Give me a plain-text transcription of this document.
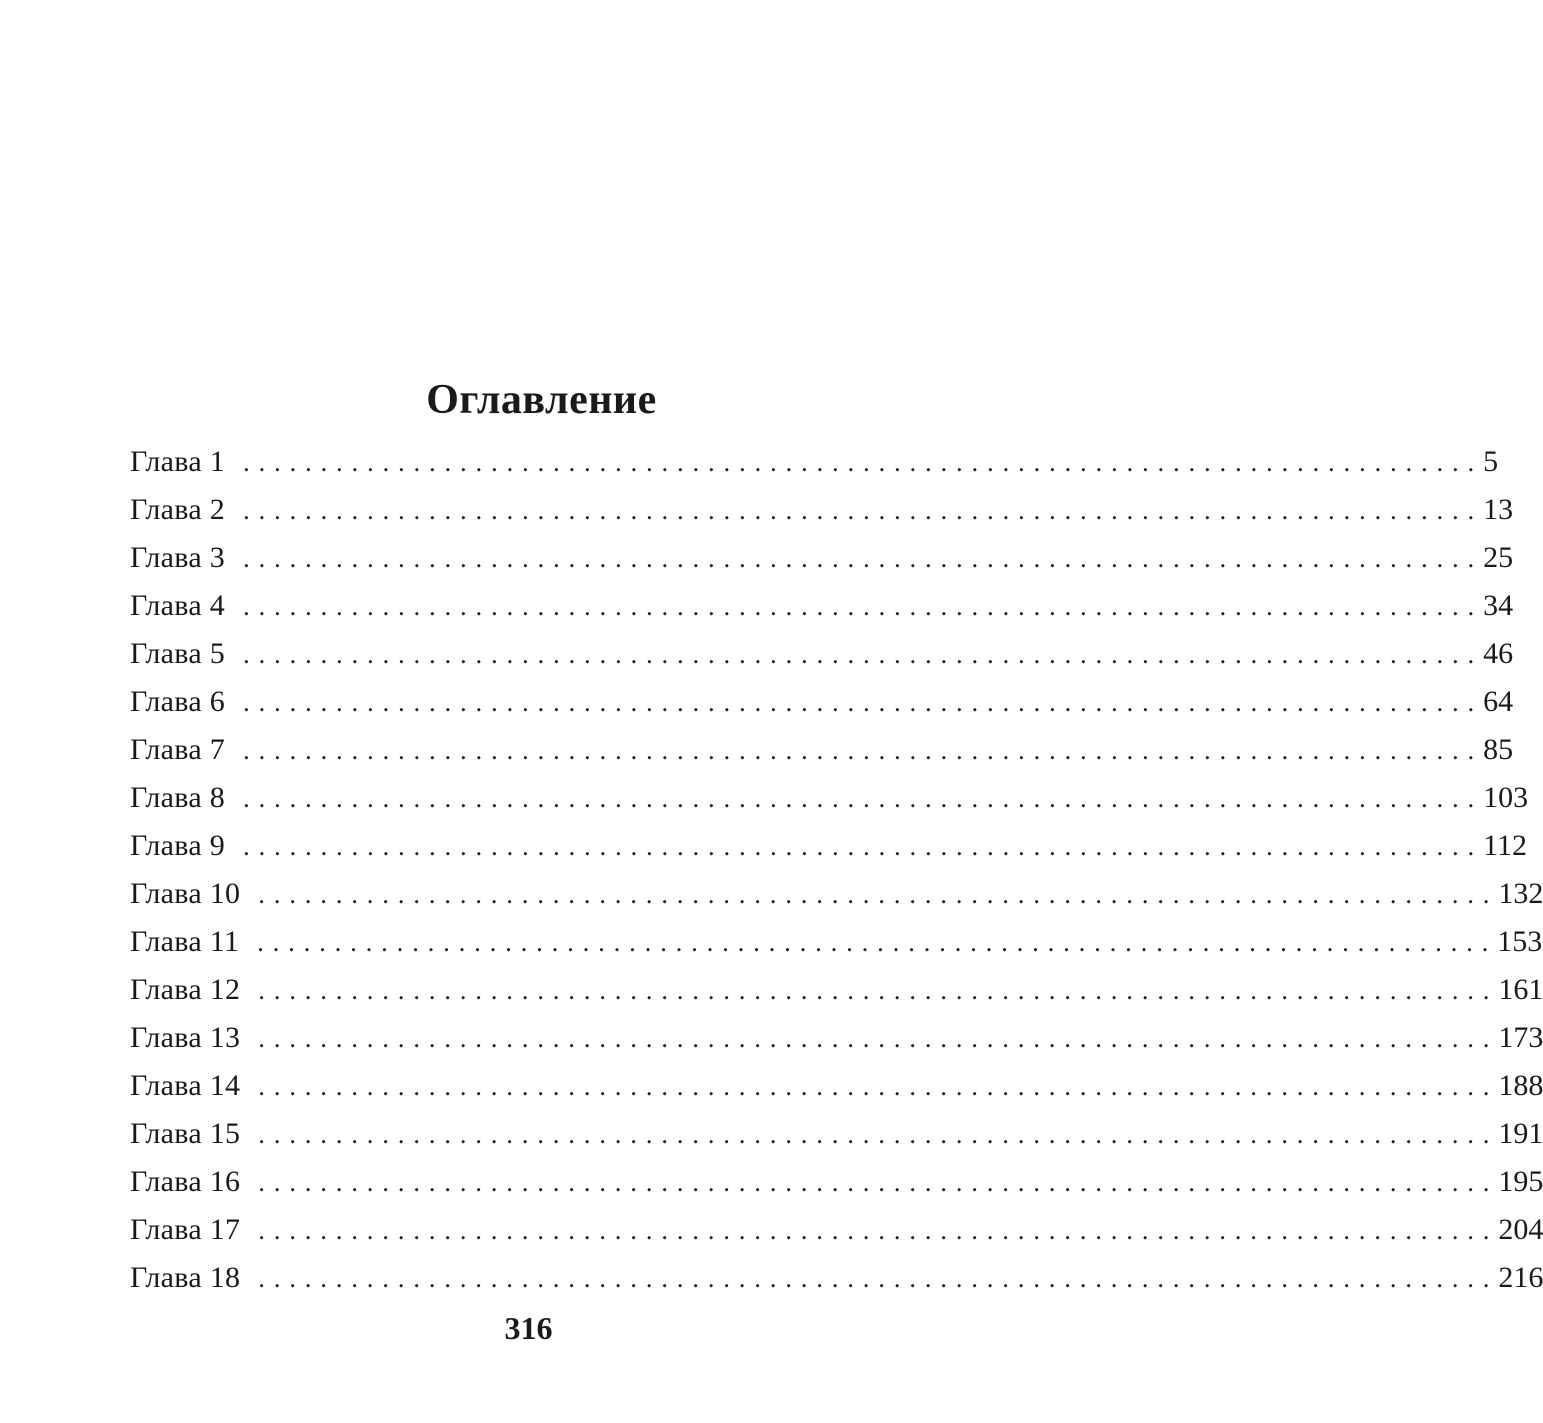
Оглавление
Глава 1 ................................................................................ 5
Глава 2 ................................................................................ 13
Глава 3 ................................................................................ 25
Глава 4 ................................................................................ 34
Глава 5 ................................................................................ 46
Глава 6 ................................................................................ 64
Глава 7 ................................................................................ 85
Глава 8 ................................................................................ 103
Глава 9 ................................................................................ 112
Глава 10 ................................................................................ 132
Глава 11 ................................................................................ 153
Глава 12 ................................................................................ 161
Глава 13 ................................................................................ 173
Глава 14 ................................................................................ 188
Глава 15 ................................................................................ 191
Глава 16 ................................................................................ 195
Глава 17 ................................................................................ 204
Глава 18 ................................................................................ 216
316
